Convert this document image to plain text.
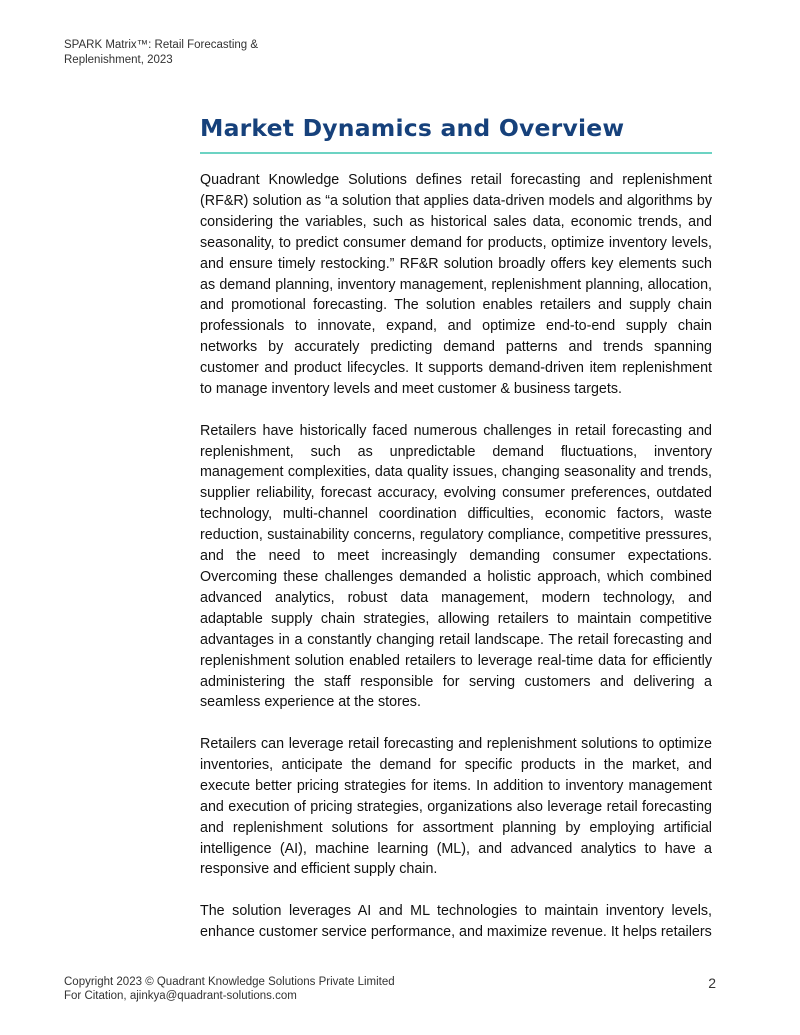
SPARK Matrix™: Retail Forecasting &
Replenishment, 2023
Market Dynamics and Overview

Quadrant Knowledge Solutions defines retail forecasting and replenishment (RF&R) solution as “a solution that applies data-driven models and algorithms by considering the variables, such as historical sales data, economic trends, and seasonality, to predict consumer demand for products, optimize inventory levels, and ensure timely restocking.” RF&R solution broadly offers key elements such as demand planning, inventory management, replenishment planning, allocation, and promotional forecasting. The solution enables retailers and supply chain professionals to innovate, expand, and optimize end-to-end supply chain networks by accurately predicting demand patterns and trends spanning customer and product lifecycles. It supports demand-driven item replenishment to manage inventory levels and meet customer & business targets.

Retailers have historically faced numerous challenges in retail forecasting and replenishment, such as unpredictable demand fluctuations, inventory management complexities, data quality issues, changing seasonality and trends, supplier reliability, forecast accuracy, evolving consumer preferences, outdated technology, multi-channel coordination difficulties, economic factors, waste reduction, sustainability concerns, regulatory compliance, competitive pressures, and the need to meet increasingly demanding consumer expectations. Overcoming these challenges demanded a holistic approach, which combined advanced analytics, robust data management, modern technology, and adaptable supply chain strategies, allowing retailers to maintain competitive advantages in a constantly changing retail landscape. The retail forecasting and replenishment solution enabled retailers to leverage real-time data for efficiently administering the staff responsible for serving customers and delivering a seamless experience at the stores.

Retailers can leverage retail forecasting and replenishment solutions to optimize inventories, anticipate the demand for specific products in the market, and execute better pricing strategies for items. In addition to inventory management and execution of pricing strategies, organizations also leverage retail forecasting and replenishment solutions for assortment planning by employing artificial intelligence (AI), machine learning (ML), and advanced analytics to have a responsive and efficient supply chain.

The solution leverages AI and ML technologies to maintain inventory levels, enhance customer service performance, and maximize revenue. It helps retailers

Copyright 2023 © Quadrant Knowledge Solutions Private Limited
For Citation, ajinkya@quadrant-solutions.com
2
